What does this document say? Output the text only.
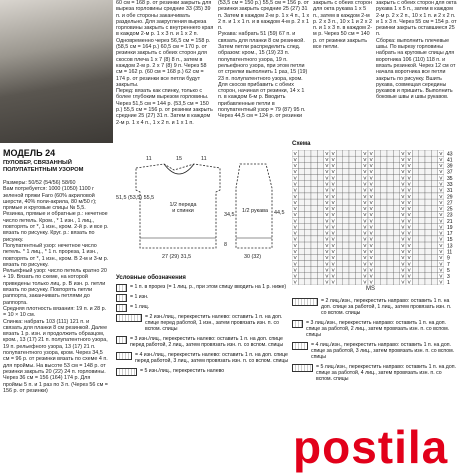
МОДЕЛЬ 24
ПУЛОВЕР, СВЯЗАННЫЙ ПОЛУПАТЕНТНЫМ УЗОРОМ
Размеры: 50/52 (54/56) 58/60
Вам потребуется: 1000 (1050) 1100 г зеленой пряжи Faro (60% акриловой шерсти, 40% поли-акрила, 80 м/50 г); прямые и круговые спицы № 5,5.
Резинка, прямые и обратные р.: нечетное число петель. Кром., * 1 изн., 1 лиц., повторять от *, 1 изн., кром. 2-й р. и все р. вязать по рисунку. Круг. р.: вязать по рисунку.
Полупатентный узор: нечетное число петель. * 1 лиц., * 1 п. прореза, 1 изн., повторять от *, 1 изн., кром. В 2-м и 3-м р. вязать по рисунку.
Рельефный узор: число петель кратно 20 + 19. Вязать по схеме, на которой приведены только лиц. р. В изн. р. петли вязать по рисунку. Повторять петли раппорта, заканчивать петлями до раппорта.
Средняя плотность вязания: 19 п. и 28 р. = 10 × 10 см.
Спинка: набрать 103 (111) 121 п. и связать для планки 8 см резинкой. Далее вязать 1 р. изн. и продолжить образцом, кром., 13 (17) 21 п. полупатентного узора, 19 п. рельефного узора, 13 (17) 21 п. полупатентного узора, кром. Через 34,5 см = 96 р. от резинки вязать по схеме 4 п. для проймы. На высоте 53 см = 148 р. от резинки закрыть 20 (22) 24 п. горловины. Через 36 см = 156 (164) 174 р. Для проймы 5 п. и 1 раз по 3 п. (Через 56 см = 156 р. от резинки)
60 см = 168 р. от резинки закрыть для выреза горловины средние 33 (35) 39 п. и обе стороны заканчивать раздельно. Для закругления выреза горловины закрыть с внутреннего края в каждом 2-м р. 1 х 3 п. и 1 х 2 п. Одновременно через 56,5 см = 158 р. (58,5 см = 164 р.) 60,5 см = 170 р. от резинки закрыть с обеих сторон для скосов плеча 1 х 7 (8) 8 п., затем в каждом 2-м р. 2 х 7 (8) 9 п. Через 58 см = 162 р. (60 см = 168 р.) 62 см = 174 р. от резинки все петли будут закрыты.
Перед: вязать как спинку, только с более глубоким вырезом горловины. Через 51,5 см = 144 р. (53,5 см = 150 р.) 55,5 см = 156 р. от резинки закрыть средние 25 (27) 31 п. Затем в каждом 2-м р. 1 х 4 п., 1 х 2 п. и 1 х 1 п.
(53,5 см = 150 р.) 55,5 см = 156 р. от резинки закрыть средние 25 (27) 31 п. Затем в каждом 2-м р. 1 х 4 п., 1 х 2 п. и 1 х 1 п. и в каждом 4-м р. 2 х 1 п.
Рукава: набрать 51 (59) 67 п. и связать для планки 8 см резинкой. Затем петли распределить след. образом: кром., 15 (19) 23 п. полупатентного узора, 19 п. рельефного узора, при этом петли от стрелки выполнить 1 раз, 15 (19) 23 п. полупатентного узора, кром. Для скосов прибавить с обеих сторон, начиная от резинки, 14 х 1 п. в каждом 6-м р. Вводить прибавленные петли в полупатентный узор = 79 (87) 95 п. Через 44,5 см = 124 р. от резинки
закрыть с обеих сторон для окта рукава 1 х 5 п., затем в каждом 2-м р. 2 х 3 п., 10 х 1 и 2 х 2 п. и 1 х 3 п. в каждом 2-м р. Через 50 см = 140 р. от резинки закрыть все петли.
закрыть с обеих сторон для окта рукава 1 х 5 п., затем в каждом 2-м р. 2 х 2 п., 10 х 1 п. и 2 х 2 п. и 1 х 3 п. Через 55 см = 154 р. от резинки закрыть оставшиеся 25 п.
Сборка: выполнить плечевые швы. По вырезу горловины набрать на круговые спицы для воротника 106 (110) 118 п. и вязать резинкой. Через 12 см от начала воротника все петли закрыть по рисунку. Вшить рукава, совмещая середины рукавов и пришить. Выполнить боковые швы и швы рукавов.
1/2 переда и спинки	1/2 рукава
51,5 (53,5) 55,5
11	11
15
34,5	44,5
8
27 (29) 31,5	30 (32)
Схема
V	V V	V V	V V	V
V	V V	V V	V V	V
V	V V	V V	V V	V
V	V V	V V	V V	V
V	V V	V V	V V	V
V	V V	V V	V V	V
V	V V	V V	V V	V
V	V V	V V	V V	V
V	V V	V V	V V	V
V	V V	V V	V V	V
V	V V	V V	V V	V
V	V V	V V	V V	V
V	V V	V V	V V	V
V	V V	V V	V V	V
V	V V	V V	V V	V
V	V V	V V	V V	V
V	V V	V V	V V	V
V	V V	V V	V V	V
V	V V	V V	V V	V
V	V V	V V	V V	V
V	V V	V V	V V	V
V	V V	V V	V V	V
43
41
39
37
35
33
31
29
27
25
23
21
19
17
15
13
11
9
7
5
3
1
MS
Условные обозначения
= 1 п. в прорез (= 1 лиц. р., при этом спицу вводить на 1 р. ниже)
= 1 изн.
= 1 лиц.
= 2 изн./лиц., перекрестить налево: оставить 1 п. на доп. спице перед работой, 1 изн., затем провязать изн. п. со вспом. спицы
= 3 изн./лиц., перекрестить налево: оставить 1 п. на доп. спице перед работой, 2 лиц., затем провязать изн. п. со вспом. спицы
= 4 изн./лиц., перекрестить налево: оставить 1 п. на доп. спице перед работой, 3 лиц., затем провязать изн. п. со вспом. спицы
= 5 изн./лиц., перекрестить налево
= 2 лиц./изн., перекрестить направо: оставить 1 п. на доп. спице за работой, 1 лиц., затем провязать изн. п. со вспом. спицы
= 3 лиц./изн., перекрестить направо: оставить 1 п. на доп. спице за работой, 2 лиц., затем провязать изн. п. со вспом. спицы
= 4 лиц./изн., перекрестить направо: оставить 1 п. на доп. спице за работой, 3 лиц., затем провязать изн. п. со вспом. спицы
= 5 лиц./изн., перекрестить направо: оставить 1 п. на доп. спице за работой, 4 лиц., затем провязать изн. п. со вспом. спицы
postila
